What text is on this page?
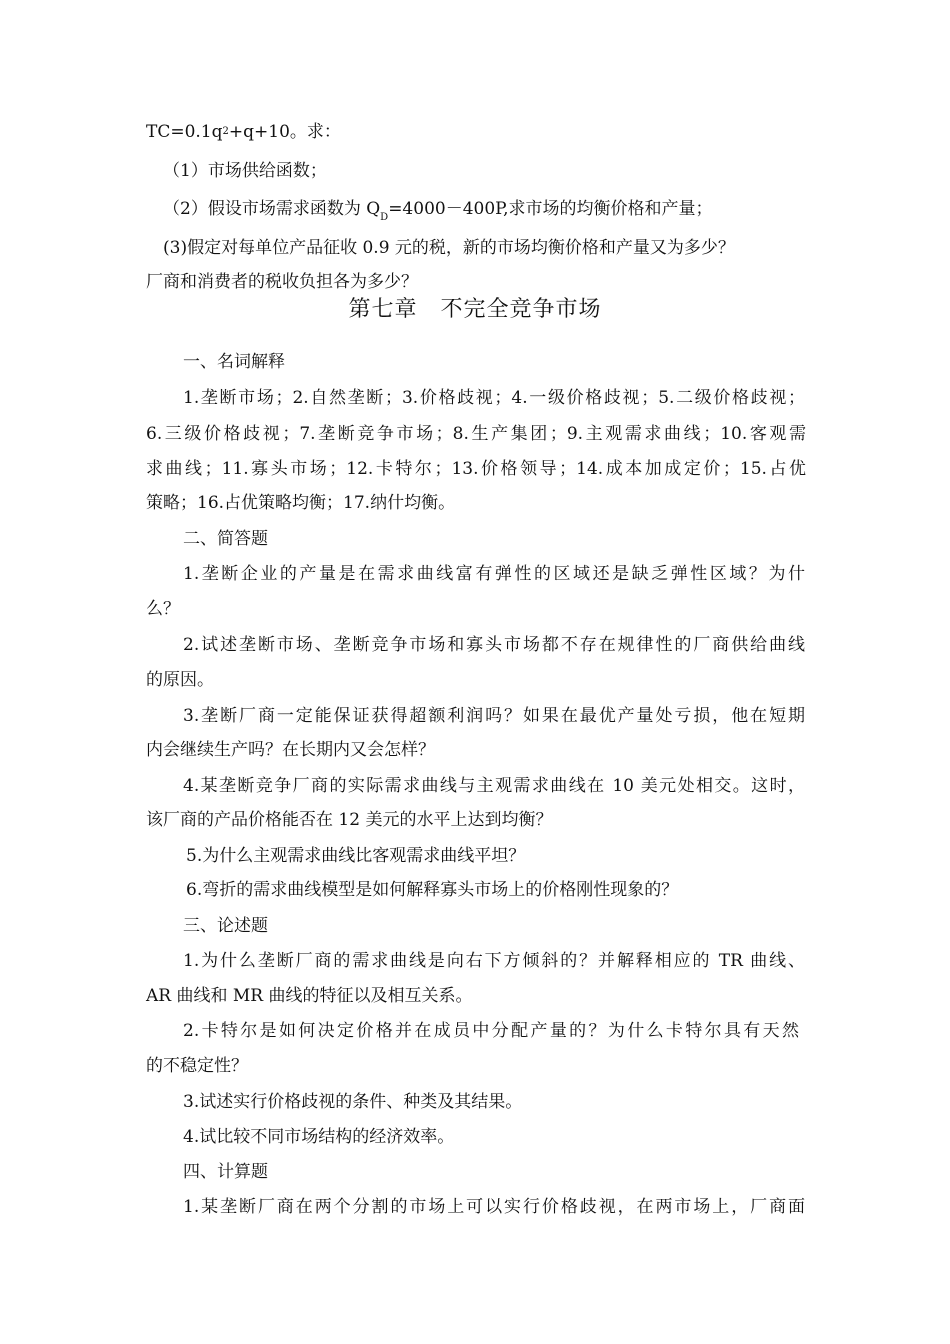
$TC=0.1q^2+q+10$。求：
（1）市场供给函数；
（2）假设市场需求函数为 $Q_D=4000-400P$,求市场的均衡价格和产量；
(3)假定对每单位产品征收 0.9 元的税，新的市场均衡价格和产量又为多少？
厂商和消费者的税收负担各为多少？
第七章　不完全竞争市场
一、名词解释
1.垄断市场；2.自然垄断；3.价格歧视；4.一级价格歧视；5.二级价格歧视；
6.三级价格歧视；7.垄断竞争市场；8.生产集团；9.主观需求曲线；10.客观需
求曲线；11.寡头市场；12.卡特尔；13.价格领导；14.成本加成定价；15.占优
策略；16.占优策略均衡；17.纳什均衡。
二、简答题
1.垄断企业的产量是在需求曲线富有弹性的区域还是缺乏弹性区域？为什
么？
2.试述垄断市场、垄断竞争市场和寡头市场都不存在规律性的厂商供给曲线
的原因。
3.垄断厂商一定能保证获得超额利润吗？如果在最优产量处亏损，他在短期
内会继续生产吗？在长期内又会怎样？
4.某垄断竞争厂商的实际需求曲线与主观需求曲线在 10 美元处相交。这时，
该厂商的产品价格能否在 12 美元的水平上达到均衡？
5.为什么主观需求曲线比客观需求曲线平坦？
6.弯折的需求曲线模型是如何解释寡头市场上的价格刚性现象的？
三、论述题
1.为什么垄断厂商的需求曲线是向右下方倾斜的？并解释相应的 TR 曲线、
AR 曲线和 MR 曲线的特征以及相互关系。
2.卡特尔是如何决定价格并在成员中分配产量的？为什么卡特尔具有天然
的不稳定性？
3.试述实行价格歧视的条件、种类及其结果。
4.试比较不同市场结构的经济效率。
四、计算题
1.某垄断厂商在两个分割的市场上可以实行价格歧视，在两市场上，厂商面
